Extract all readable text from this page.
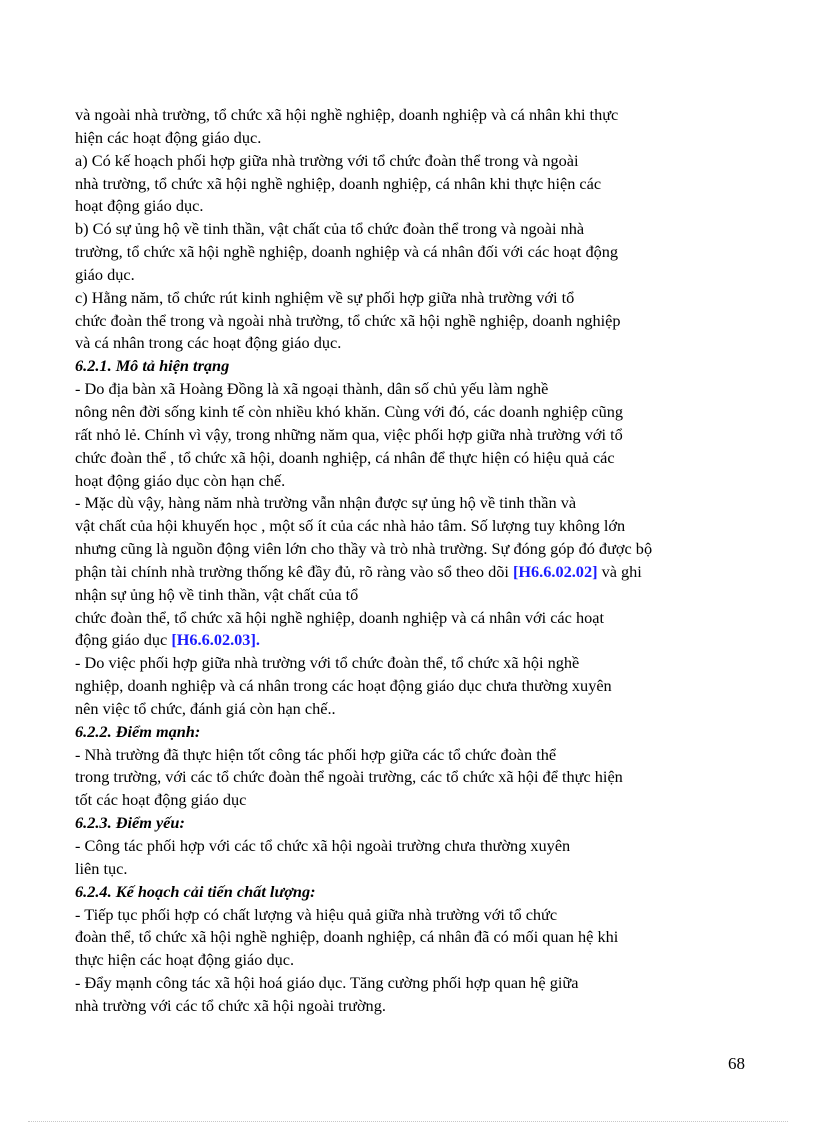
và ngoài nhà trường, tổ chức xã hội nghề nghiệp, doanh nghiệp và cá nhân khi thực
hiện các hoạt động giáo dục.
a) Có kế hoạch phối hợp giữa nhà trường với tổ chức đoàn thể trong và ngoài
nhà trường, tổ chức xã hội nghề nghiệp, doanh nghiệp, cá nhân khi thực hiện các
hoạt động giáo dục.
b) Có sự ủng hộ về tinh thần, vật chất của tổ chức đoàn thể trong và ngoài nhà
trường, tổ chức xã hội nghề nghiệp, doanh nghiệp và cá nhân đối với các hoạt động
giáo dục.
c) Hằng năm, tổ chức rút kinh nghiệm về sự phối hợp giữa nhà trường với tổ
chức đoàn thể trong và ngoài nhà trường, tổ chức xã hội nghề nghiệp, doanh nghiệp
và cá nhân trong các hoạt động giáo dục.
6.2.1. Mô tả hiện trạng
- Do địa bàn xã Hoàng Đồng là xã ngoại thành, dân số chủ yếu làm nghề
nông nên đời sống kinh tế còn nhiều khó khăn. Cùng với đó, các doanh nghiệp cũng
rất nhỏ lẻ. Chính vì vậy, trong những năm qua, việc phối hợp giữa nhà trường với tổ
chức đoàn thể , tổ chức xã hội, doanh nghiệp, cá nhân để thực hiện có hiệu quả các
hoạt động giáo dục còn hạn chế.
- Mặc dù vậy, hàng năm nhà trường vẫn nhận được sự ủng hộ về tinh thần và
vật chất của hội khuyến học , một số ít của các nhà hảo tâm. Số lượng tuy không lớn
nhưng cũng là nguồn động viên lớn cho thầy và trò nhà trường. Sự đóng góp đó được bộ
phận tài chính nhà trường thống kê đầy đủ, rõ ràng vào sổ theo dõi [H6.6.02.02] và ghi
nhận sự ủng hộ về tinh thần, vật chất của tổ
chức đoàn thể, tổ chức xã hội nghề nghiệp, doanh nghiệp và cá nhân với các hoạt
động giáo dục [H6.6.02.03].
- Do việc phối hợp giữa nhà trường với tổ chức đoàn thể, tổ chức xã hội nghề
nghiệp, doanh nghiệp và cá nhân trong các hoạt động giáo dục chưa thường xuyên
nên việc tổ chức, đánh giá còn hạn chế..
6.2.2. Điểm mạnh:
- Nhà trường đã thực hiện tốt công tác phối hợp giữa các tổ chức đoàn thể
trong trường, với các tổ chức đoàn thể ngoài trường, các tổ chức xã hội để thực hiện
tốt các hoạt động giáo dục
6.2.3. Điểm yếu:
- Công tác phối hợp với các tổ chức xã hội ngoài trường chưa thường xuyên
liên tục.
6.2.4. Kế hoạch cải tiến chất lượng:
- Tiếp tục phối hợp có chất lượng và hiệu quả giữa nhà trường với tổ chức
đoàn thể, tổ chức xã hội nghề nghiệp, doanh nghiệp, cá nhân đã có mối quan hệ khi
thực hiện các hoạt động giáo dục.
- Đẩy mạnh công tác xã hội hoá giáo dục. Tăng cường phối hợp quan hệ giữa
nhà trường với các tổ chức xã hội ngoài trường.
68
